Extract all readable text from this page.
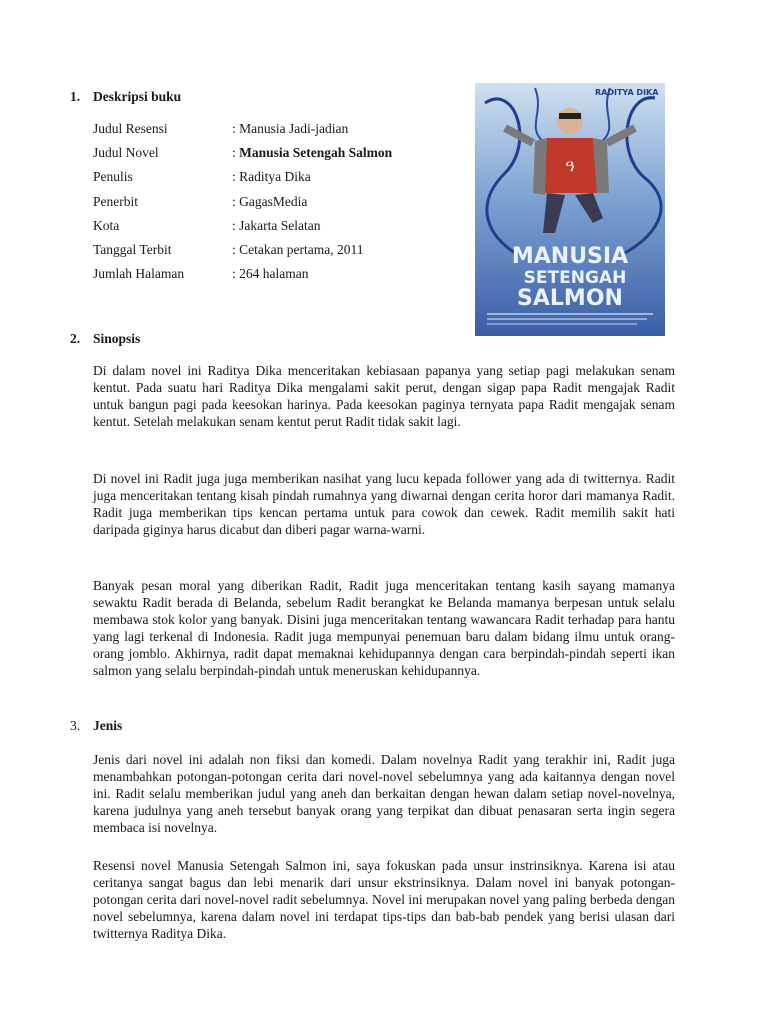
1. Deskripsi buku
Judul Resensi	: Manusia Jadi-jadian
Judul Novel	: Manusia Setengah Salmon
Penulis	: Raditya Dika
Penerbit	: GagasMedia
Kota	: Jakarta Selatan
Tanggal Terbit	: Cetakan pertama, 2011
Jumlah Halaman	: 264 halaman
ዓ
RADITYA DIKA
MANUSIA
SETENGAH
SALMON
2. Sinopsis

Di dalam novel ini Raditya Dika menceritakan kebiasaan papanya yang setiap pagi melakukan senam kentut. Pada suatu hari Raditya Dika mengalami sakit perut, dengan sigap papa Radit mengajak Radit untuk bangun pagi pada keesokan harinya. Pada keesokan paginya ternyata papa Radit mengajak senam kentut. Setelah melakukan senam kentut perut Radit tidak sakit lagi.

Di novel ini Radit juga juga memberikan nasihat yang lucu kepada follower yang ada di twitternya. Radit juga menceritakan tentang kisah pindah rumahnya yang diwarnai dengan cerita horor dari mamanya Radit. Radit juga memberikan tips kencan pertama untuk para cowok dan cewek. Radit memilih sakit hati daripada giginya harus dicabut dan diberi pagar warna-warni.

Banyak pesan moral yang diberikan Radit, Radit juga menceritakan tentang kasih sayang mamanya sewaktu Radit berada di Belanda, sebelum Radit berangkat ke Belanda mamanya berpesan untuk selalu membawa stok kolor yang banyak. Disini juga menceritakan tentang wawancara Radit terhadap para hantu yang lagi terkenal di Indonesia. Radit juga mempunyai penemuan baru dalam bidang ilmu untuk orang-orang jomblo. Akhirnya, radit dapat memaknai kehidupannya dengan cara berpindah-pindah seperti ikan salmon yang selalu berpindah-pindah untuk meneruskan kehidupannya.

3. Jenis

Jenis dari novel ini adalah non fiksi dan komedi. Dalam novelnya Radit yang terakhir ini, Radit juga menambahkan potongan-potongan cerita dari novel-novel sebelumnya yang ada kaitannya dengan novel ini. Radit selalu memberikan judul yang aneh dan berkaitan dengan hewan dalam setiap novel-novelnya, karena judulnya yang aneh tersebut banyak orang yang terpikat dan dibuat penasaran serta ingin segera membaca isi novelnya.

Resensi novel Manusia Setengah Salmon ini, saya fokuskan pada unsur instrinsiknya. Karena isi atau ceritanya sangat bagus dan lebi menarik dari unsur ekstrinsiknya. Dalam novel ini banyak potongan-potongan cerita dari novel-novel radit sebelumnya. Novel ini merupakan novel yang paling berbeda dengan novel sebelumnya, karena dalam novel ini terdapat tips-tips dan bab-bab pendek yang berisi ulasan dari twitternya Raditya Dika.
